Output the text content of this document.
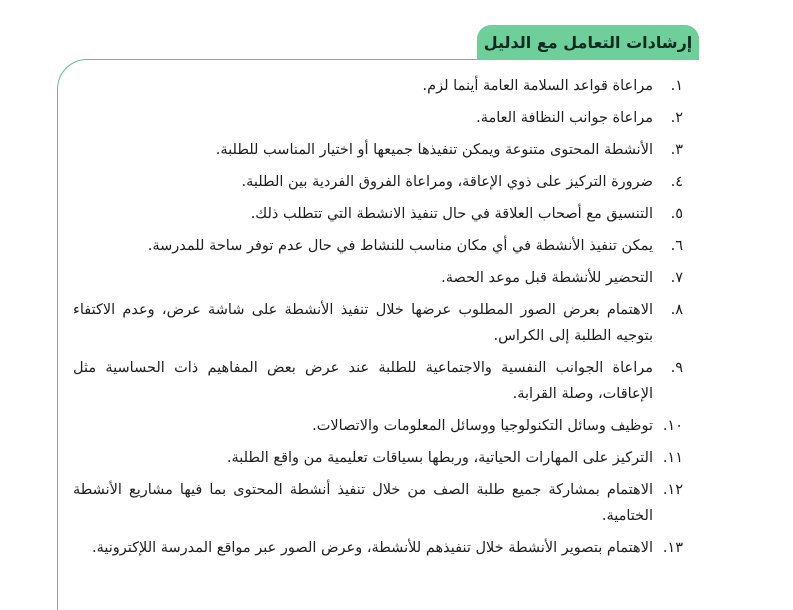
إرشادات التعامل مع الدليل
١.
مراعاة قواعد السلامة العامة أينما لزم.
٢.
مراعاة جوانب النظافة العامة.
٣.
الأنشطة المحتوى متنوعة ويمكن تنفيذها جميعها أو اختيار المناسب للطلبة.
٤.
ضرورة التركيز على ذوي الإعاقة، ومراعاة الفروق الفردية بين الطلبة.
٥.
التنسيق مع أصحاب العلاقة في حال تنفيذ الانشطة التي تتطلب ذلك.
٦.
يمكن تنفيذ الأنشطة في أي مكان مناسب للنشاط في حال عدم توفر ساحة للمدرسة.
٧.
التحضير للأنشطة قبل موعد الحصة.
٨.
الاهتمام بعرض الصور المطلوب عرضها خلال تنفيذ الأنشطة على شاشة عرض، وعدم الاكتفاء بتوجيه الطلبة إلى الكراس.
٩.
مراعاة الجوانب النفسية والاجتماعية للطلبة عند عرض بعض المفاهيم ذات الحساسية مثل الإعاقات، وصلة القرابة.
١٠.
توظيف وسائل التكنولوجيا ووسائل المعلومات والاتصالات.
١١.
التركيز على المهارات الحياتية، وربطها بسياقات تعليمية من واقع الطلبة.
١٢.
الاهتمام بمشاركة جميع طلبة الصف من خلال تنفيذ أنشطة المحتوى بما فيها مشاريع الأنشطة الختامية.
١٣.
الاهتمام بتصوير الأنشطة خلال تنفيذهم للأنشطة، وعرض الصور عبر مواقع المدرسة اللإكترونية.
